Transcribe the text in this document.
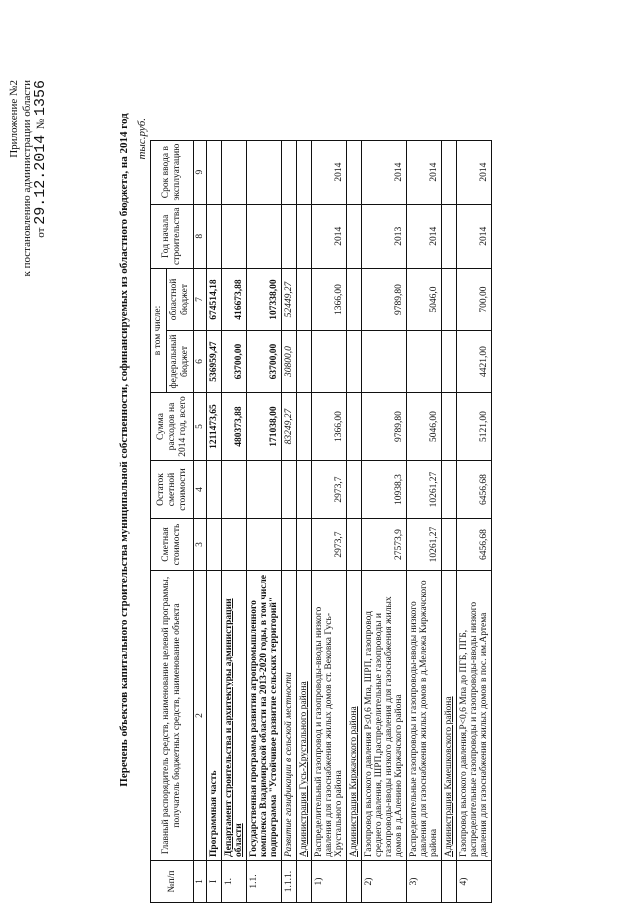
Приложение №2 к постановлению администрации области от 29.12.2014  № 1356
Перечень объектов капитального строительства муниципальной собственности, софинансируемых из областного бюджета, на 2014 год тыс.руб.
№п/п	Главный распорядитель средств, наименование целевой программы, получатель бюджетных средств, наименование объекта	Сметная стоимость	Остаток сметной стоимости	Сумма расходов на 2014 год, всего	в том числе:		Год начала строительства	Срок ввода в эксплуатацию
					федеральный бюджет	областной бюджет		
1	2	3	4	5	6	7	8	9
I	Программная часть			1211473,65	536959,47	674514,18		
1.	Департамент строительства и архитектуры администрации области			480373,88	63700,00	416673,88		
1.1.	Государственная программа развития агропромышленного комплекса Владимирской области на 2013-2020 годы, в том числе подпрограмма "Устойчивое развитие сельских территорий"			171038,00	63700,00	107338,00		
1.1.1.	Развитие газификации в сельской местности			83249,27	30800,0	52449,27		
	Администрация Гусь-Хрустального района							
1)	Распределительный газопровод и газопроводы-вводы низкого давления для газоснабжения жилых домов ст. Вековка Гусь-Хрустального района	2973,7	2973,7	1366,00		1366,00	2014	2014
	Администрация Киржачского района							
2)	Газопровод высокого давления Р≤0,6 Мпа, ШРП, газопровод среднего давления, ШРП,распределительные газопроводы и газопроводы-вводы низкого давления для газоснабжения жилых домов в д.Аленино Киржачского района	27573,9	10938,3	9789,80		9789,80	2013	2014
3)	Распределительные газопроводы и газопроводы-вводы низкого давления для газоснабжения жилых домов в д.Мележа Киржачского района	10261,27	10261,27	5046,00		5046,0	2014	2014
	Администрация Камешковского района							
4)	Газопровод высокого давления,Р<0,6 Мпа до ПГБ, ПГБ, распределительные газопроводы и газопроводы-вводы низкого давления для газоснабжения жилых домов в пос. им.Артема	6456,68	6456,68	5121,00	4421,00	700,00	2014	2014
